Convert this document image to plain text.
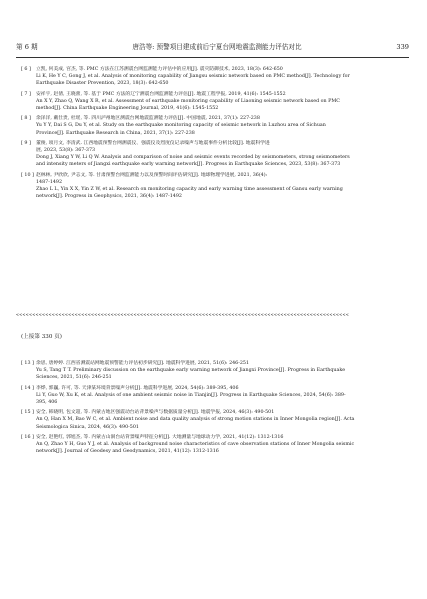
第 6 期	唐浩等: 预警项目建成前后宁夏台网地震监测能力评估对比	339
[ 6 ]	立凯, 何美成, 宫杰, 等. PMC 方法在江苏测震台网监测能力评估中的应用[J]. 震灾防御技术, 2023, 18(3): 642-650
Li K, He Y C, Gong J, et al. Analysis of monitoring capability of Jiangsu seismic network based on PMC method[J]. Technology for
Earthquake Disaster Prevention, 2023, 18(3): 642-650
[ 7 ]	安祥宇, 赵倩, 王晓蕾, 等. 基于 PMC 方法的辽宁测震台网监测能力评估[J]. 地震工程学报, 2019, 41(6): 1545-1552
An X Y, Zhao Q, Wang X R, et al. Assessment of earthquake monitoring capability of Liaoning seismic network based on PMC
method[J]. China Earthquake Engineering Journal, 2019, 41(6): 1545-1552
[ 8 ]	余泽洋, 戴仕贵, 杜瑶, 等. 四川泸州地区测震台网地震监测能力评估[J]. 中国地震, 2021, 37(1): 227-238
Yu Y Y, Dai S G, Du Y, et al. Study on the earthquake monitoring capacity of seismic network in Luzhou area of Sichuan
Province[J]. Earthquake Research in China, 2021, 37(1): 227-238
[ 9 ]	董俊, 项月文, 李清武. 江西地震预警台网测震仪、强震仪及烈度仪记录噪声与地震事件分析比较[J]. 地震科学进
展, 2023, 53(8): 367-373
Dong J, Xiang Y W, Li Q W. Analysis and comparison of noise and seismic events recorded by seismometers, strong seismometers
and intensity meters of Jiangxi earthquake early warning network[J]. Progress in Earthquake Sciences, 2023, 53(8): 367-373
[ 10 ] 赵林林, 尹欣欣, 尹志文, 等. 甘肃预警台网监测能力以及预警时间评估研究[J]. 地球物理学进展, 2021, 36(4):
1487-1492
Zhao L L, Yin X X, Yin Z W, et al. Research on monitoring capacity and early warning time assessment of Gansu early warning
network[J]. Progress in Geophysics, 2021, 36(4): 1487-1492
<<<<<<<<<<<<<<<<<<<<<<<<<<<<<<<<<<<<<<<<<<<<<<<<<<<<<<<<<<<<<<<<<<<<<<<<<<<<<<<<<<<<<<<<<<<<<<<<<<<<<<
(上接第 330 页)
[ 13 ] 余思, 唐婷婷. 江西省测震站网地震预警能力评估初步研究[J]. 地震科学进展, 2021, 51(6): 246-251
Yu S, Tang T T. Preliminary discussion on the earthquake early warning network of Jiangxi Province[J]. Progress in Earthquake
Sciences, 2021, 51(6): 246-251
[ 14 ] 李烨, 郭巍, 许可, 等. 天津某环境背景噪声分析[J]. 地震科学进展, 2024, 54(6): 389-395, 406
Li Y, Guo W, Xu K, et al. Analysis of one ambient seismic noise in Tianjin[J]. Progress in Earthquake Sciences, 2024, 54(6): 389-
395, 406
[ 15 ] 安全, 韩晓明, 包文超, 等. 内蒙古地区强震动台站背景噪声与数据质量分析[J]. 地震学报, 2024, 46(3): 490-501
An Q, Han X M, Bao W C, et al. Ambient noise and data quality analysis of strong motion stations in Inner Mongolia region[J]. Acta
Seismologica Sinica, 2024, 46(3): 490-501
[ 16 ] 安全, 赵艳红, 郭旭杰, 等. 内蒙古山洞台站背景噪声特征分析[J]. 大地测量与地球动力学, 2021, 41(12): 1312-1316
An Q, Zhao Y H, Guo Y J, et al. Analysis of background noise characteristics of cave observation stations of Inner Mongolia seismic
network[J]. Journal of Geodesy and Geodynamics, 2021, 41(12): 1312-1316
